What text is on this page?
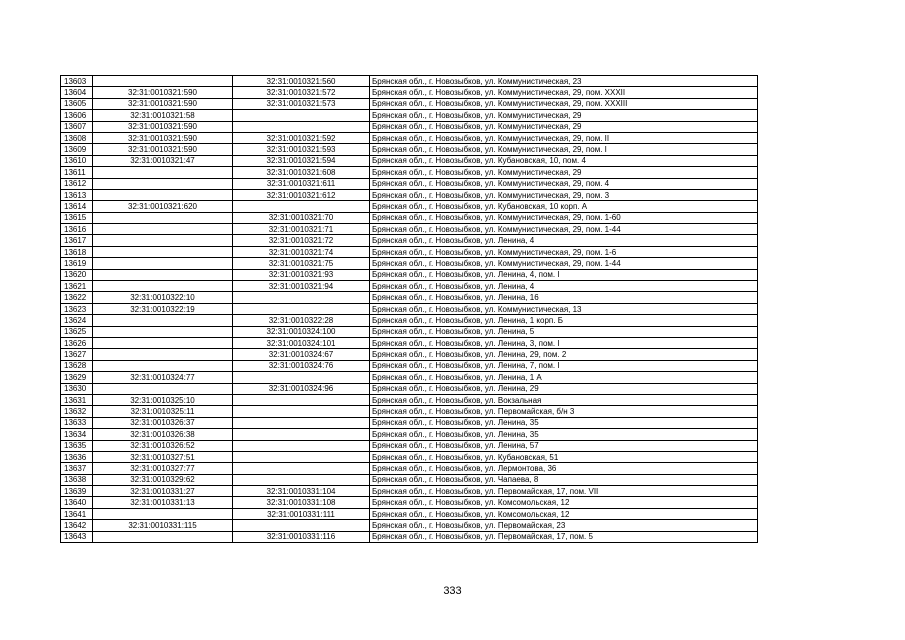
13603		32:31:0010321:560	Брянская обл., г. Новозыбков, ул. Коммунистическая, 23
13604	32:31:0010321:590	32:31:0010321:572	Брянская обл., г. Новозыбков, ул. Коммунистическая, 29, пом. XXXII
13605	32:31:0010321:590	32:31:0010321:573	Брянская обл., г. Новозыбков, ул. Коммунистическая, 29, пом. XXXIII
13606	32:31:0010321:58		Брянская обл., г. Новозыбков, ул. Коммунистическая, 29
13607	32:31:0010321:590		Брянская обл., г. Новозыбков, ул. Коммунистическая, 29
13608	32:31:0010321:590	32:31:0010321:592	Брянская обл., г. Новозыбков, ул. Коммунистическая, 29, пом. II
13609	32:31:0010321:590	32:31:0010321:593	Брянская обл., г. Новозыбков, ул. Коммунистическая, 29, пом. I
13610	32:31:0010321:47	32:31:0010321:594	Брянская обл., г. Новозыбков, ул. Кубановская, 10, пом. 4
13611		32:31:0010321:608	Брянская обл., г. Новозыбков, ул. Коммунистическая, 29
13612		32:31:0010321:611	Брянская обл., г. Новозыбков, ул. Коммунистическая, 29, пом. 4
13613		32:31:0010321:612	Брянская обл., г. Новозыбков, ул. Коммунистическая, 29, пом. 3
13614	32:31:0010321:620		Брянская обл., г. Новозыбков, ул. Кубановская, 10 корп. А
13615		32:31:0010321:70	Брянская обл., г. Новозыбков, ул. Коммунистическая, 29, пом. 1-60
13616		32:31:0010321:71	Брянская обл., г. Новозыбков, ул. Коммунистическая, 29, пом. 1-44
13617		32:31:0010321:72	Брянская обл., г. Новозыбков, ул. Ленина, 4
13618		32:31:0010321:74	Брянская обл., г. Новозыбков, ул. Коммунистическая, 29, пом. 1-6
13619		32:31:0010321:75	Брянская обл., г. Новозыбков, ул. Коммунистическая, 29, пом. 1-44
13620		32:31:0010321:93	Брянская обл., г. Новозыбков, ул. Ленина, 4, пом. I
13621		32:31:0010321:94	Брянская обл., г. Новозыбков, ул. Ленина, 4
13622	32:31:0010322:10		Брянская обл., г. Новозыбков, ул. Ленина, 16
13623	32:31:0010322:19		Брянская обл., г. Новозыбков, ул. Коммунистическая, 13
13624		32:31:0010322:28	Брянская обл., г. Новозыбков, ул. Ленина, 1 корп. Б
13625		32:31:0010324:100	Брянская обл., г. Новозыбков, ул. Ленина, 5
13626		32:31:0010324:101	Брянская обл., г. Новозыбков, ул. Ленина, 3, пом. I
13627		32:31:0010324:67	Брянская обл., г. Новозыбков, ул. Ленина, 29, пом. 2
13628		32:31:0010324:76	Брянская обл., г. Новозыбков, ул. Ленина, 7, пом. I
13629	32:31:0010324:77		Брянская обл., г. Новозыбков, ул. Ленина, 1 А
13630		32:31:0010324:96	Брянская обл., г. Новозыбков, ул. Ленина, 29
13631	32:31:0010325:10		Брянская обл., г. Новозыбков, ул. Вокзальная
13632	32:31:0010325:11		Брянская обл., г. Новозыбков, ул. Первомайская, б/н 3
13633	32:31:0010326:37		Брянская обл., г. Новозыбков, ул. Ленина, 35
13634	32:31:0010326:38		Брянская обл., г. Новозыбков, ул. Ленина, 35
13635	32:31:0010326:52		Брянская обл., г. Новозыбков, ул. Ленина, 57
13636	32:31:0010327:51		Брянская обл., г. Новозыбков, ул. Кубановская, 51
13637	32:31:0010327:77		Брянская обл., г. Новозыбков, ул. Лермонтова, 36
13638	32:31:0010329:62		Брянская обл., г. Новозыбков, ул. Чапаева, 8
13639	32:31:0010331:27	32:31:0010331:104	Брянская обл., г. Новозыбков, ул. Первомайская, 17, пом. VII
13640	32:31:0010331:13	32:31:0010331:108	Брянская обл., г. Новозыбков, ул. Комсомольская, 12
13641		32:31:0010331:111	Брянская обл., г. Новозыбков, ул. Комсомольская, 12
13642	32:31:0010331:115		Брянская обл., г. Новозыбков, ул. Первомайская, 23
13643		32:31:0010331:116	Брянская обл., г. Новозыбков, ул. Первомайская, 17, пом. 5
333
